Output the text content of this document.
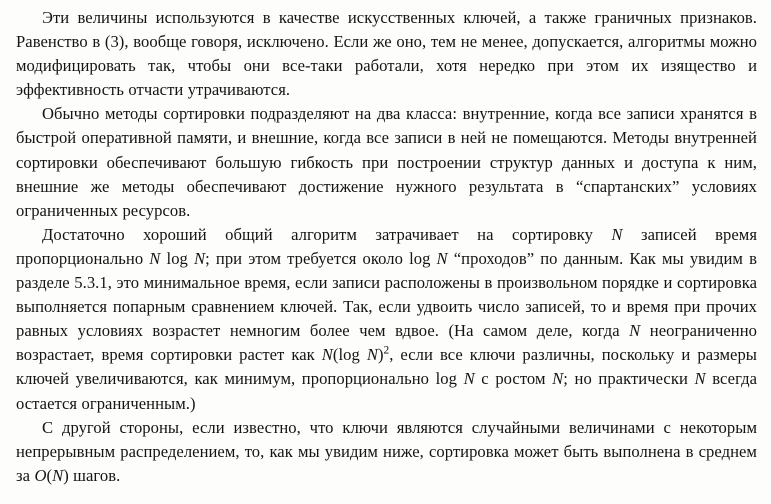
Эти величины используются в качестве искусственных ключей, а также граничных признаков. Равенство в (3), вообще говоря, исключено. Если же оно, тем не менее, допускается, алгоритмы можно модифицировать так, чтобы они все-таки работали, хотя нередко при этом их изящество и эффективность отчасти утрачиваются.

Обычно методы сортировки подразделяют на два класса: внутренние, когда все записи хранятся в быстрой оперативной памяти, и внешние, когда все записи в ней не помещаются. Методы внутренней сортировки обеспечивают большую гибкость при построении структур данных и доступа к ним, внешние же методы обеспечивают достижение нужного результата в “спартанских” условиях ограниченных ресурсов.

Достаточно хороший общий алгоритм затрачивает на сортировку N записей время пропорционально N log N; при этом требуется около log N “проходов” по данным. Как мы увидим в разделе 5.3.1, это минимальное время, если записи расположены в произвольном порядке и сортировка выполняется попарным сравнением ключей. Так, если удвоить число записей, то и время при прочих равных условиях возрастет немногим более чем вдвое. (На самом деле, когда N неограниченно возрастает, время сортировки растет как N(log N)$^2$, если все ключи различны, поскольку и размеры ключей увеличиваются, как минимум, пропорционально log N с ростом N; но практически N всегда остается ограниченным.)

С другой стороны, если известно, что ключи являются случайными величинами с некоторым непрерывным распределением, то, как мы увидим ниже, сортировка может быть выполнена в среднем за O(N) шагов.
